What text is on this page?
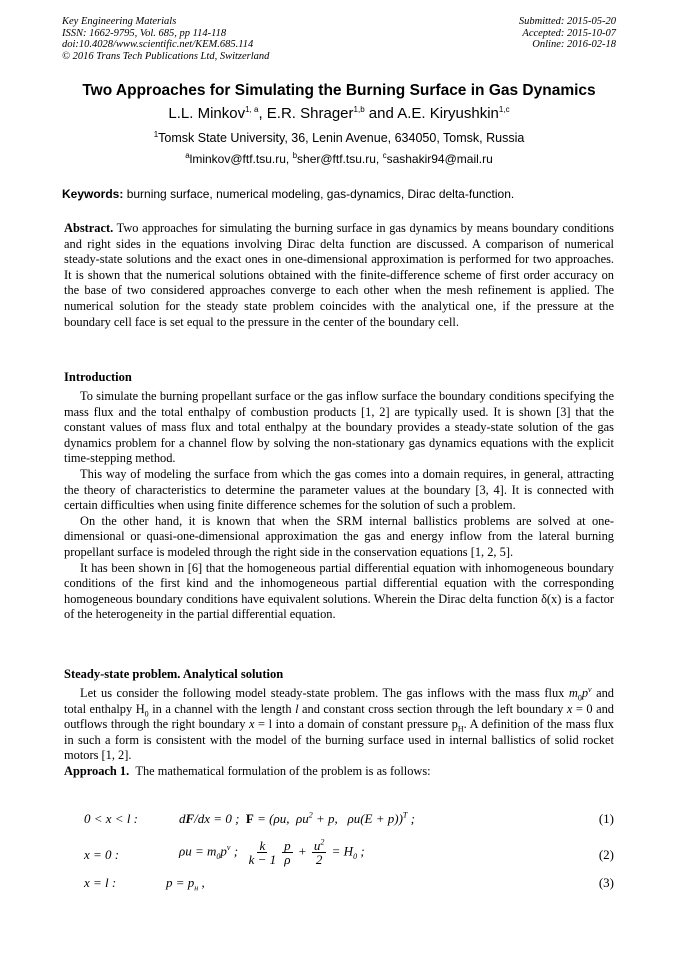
Key Engineering Materials
ISSN: 1662-9795, Vol. 685, pp 114-118
doi:10.4028/www.scientific.net/KEM.685.114
© 2016 Trans Tech Publications Ltd, Switzerland
Submitted: 2015-05-20
Accepted: 2015-10-07
Online: 2016-02-18
Two Approaches for Simulating the Burning Surface in Gas Dynamics
L.L. Minkov$^{1, a}$, E.R. Shrager$^{1,b}$ and A.E. Kiryushkin$^{1,c}$
$^1$Tomsk State University, 36, Lenin Avenue, 634050, Tomsk, Russia
$^a$lminkov@ftf.tsu.ru, $^b$sher@ftf.tsu.ru, $^c$sashakir94@mail.ru
Keywords: burning surface, numerical modeling, gas-dynamics, Dirac delta-function.

Abstract. Two approaches for simulating the burning surface in gas dynamics by means boundary conditions and right sides in the equations involving Dirac delta function are discussed. A comparison of numerical steady-state solutions and the exact ones in one-dimensional approximation is performed for two approaches. It is shown that the numerical solutions obtained with the finite-difference scheme of first order accuracy on the base of two considered approaches converge to each other when the mesh refinement is applied. The numerical solution for the steady state problem coincides with the analytical one, if the pressure at the boundary cell face is set equal to the pressure in the center of the boundary cell.

Introduction

To simulate the burning propellant surface or the gas inflow surface the boundary conditions specifying the mass flux and the total enthalpy of combustion products [1, 2] are typically used. It is shown [3] that the constant values of mass flux and total enthalpy at the boundary provides a steady-state solution of the gas dynamics problem for a channel flow by solving the non-stationary gas dynamics equations with the explicit time-stepping method.

This way of modeling the surface from which the gas comes into a domain requires, in general, attracting the theory of characteristics to determine the parameter values at the boundary [3, 4]. It is connected with certain difficulties when using finite difference schemes for the solution of such a problem.

On the other hand, it is known that when the SRM internal ballistics problems are solved at one-dimensional or quasi-one-dimensional approximation the gas and energy inflow from the lateral burning propellant surface is modeled through the right side in the conservation equations [1, 2, 5].

It has been shown in [6] that the homogeneous partial differential equation with inhomogeneous boundary conditions of the first kind and the inhomogeneous partial differential equation with the corresponding homogeneous boundary conditions have equivalent solutions. Wherein the Dirac delta function δ(x) is a factor of the heterogeneity in the partial differential equation.

Steady-state problem. Analytical solution

Let us consider the following model steady-state problem. The gas inflows with the mass flux $m_0p^\nu$ and total enthalpy $H_0$ in a channel with the length l and constant cross section through the left boundary x = 0 and outflows through the right boundary x = l into a domain of constant pressure $p_H$. A definition of the mass flux in such a form is consistent with the model of the burning surface used in internal ballistics of solid rocket motors [1, 2].

Approach 1. The mathematical formulation of the problem is as follows:

0 < x < l :	dF/dx = 0 ;  F = (ρu,  $\rho u^2 + p$,   ρu(E + p))$^T$ ;	(1)
x = 0 :	$\rho u = m_0p^\nu$ ; $\frac{k}{k - 1} \frac{p}{\rho} + \frac{u^2}{2} = H_0$ ;	(2)
x = l :	$p = p_н$ ,	(3)
